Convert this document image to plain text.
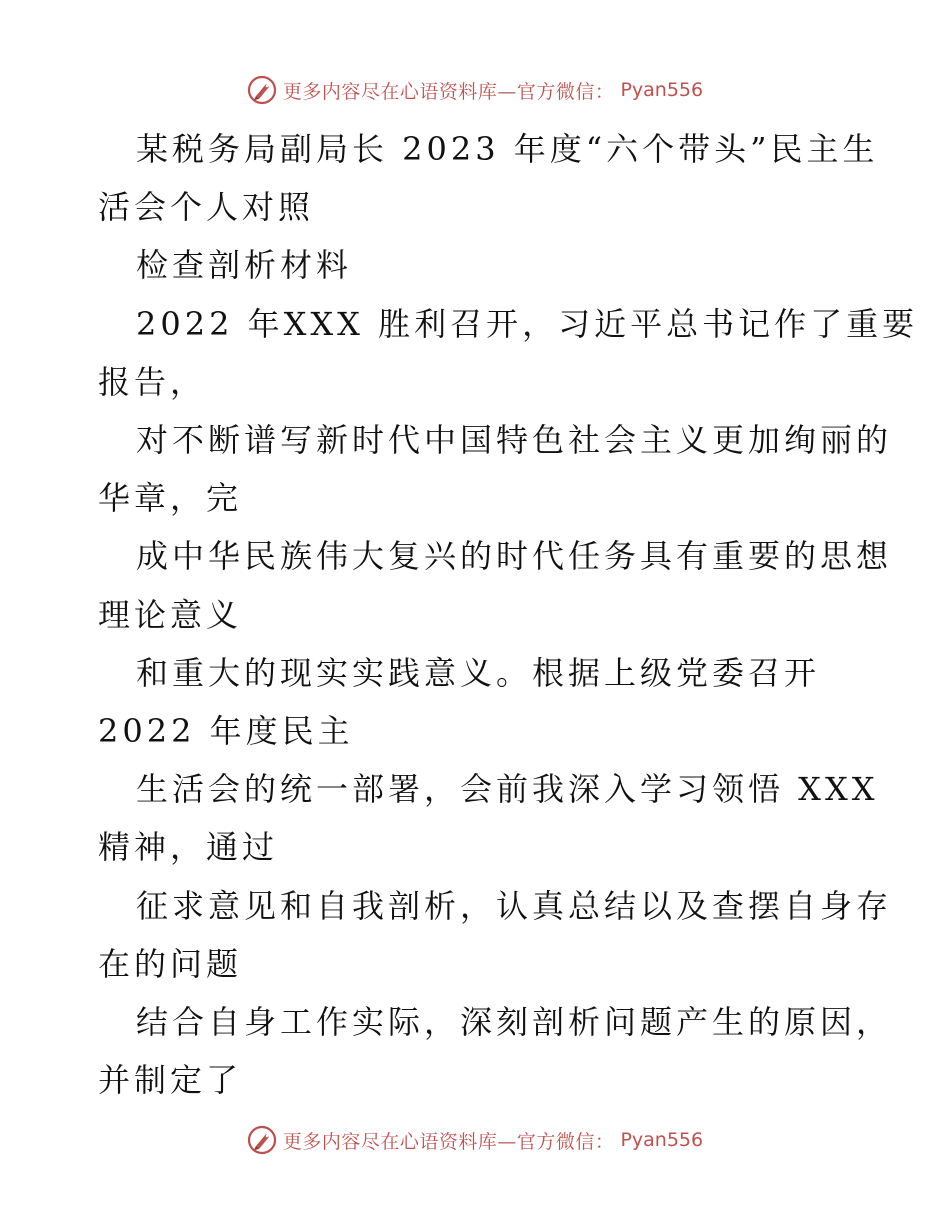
更多内容尽在心语资料库—官方微信： Pyan556
某税务局副局长 2023 年度“六个带头”民主生
活会个人对照
检查剖析材料
2022 年XXX 胜利召开，习近平总书记作了重要
报告，
对不断谱写新时代中国特色社会主义更加绚丽的
华章，完
成中华民族伟大复兴的时代任务具有重要的思想
理论意义
和重大的现实实践意义。根据上级党委召开
2022 年度民主
生活会的统一部署，会前我深入学习领悟 XXX
精神，通过
征求意见和自我剖析，认真总结以及查摆自身存
在的问题
结合自身工作实际，深刻剖析问题产生的原因，
并制定了
更多内容尽在心语资料库—官方微信： Pyan556
